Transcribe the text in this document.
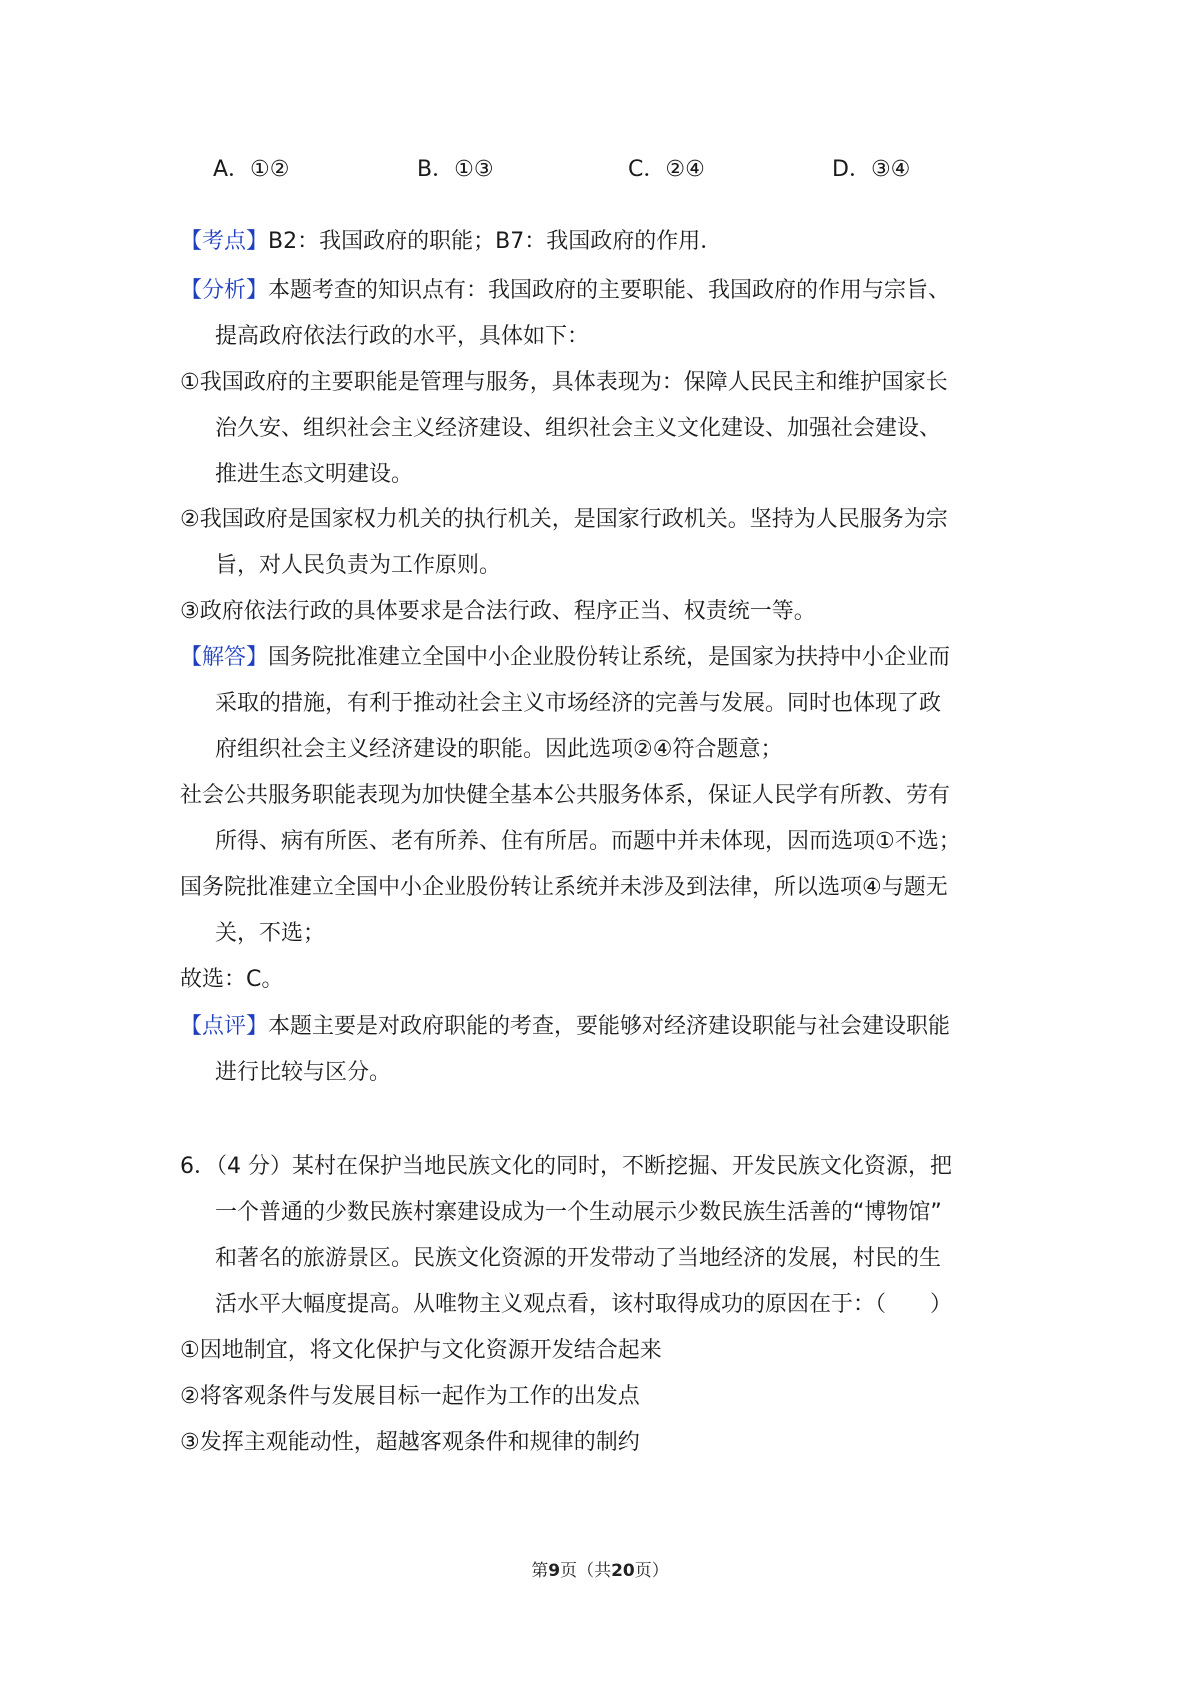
A．①②	B．①③	C．②④	D．③④
【考点】B2：我国政府的职能；B7：我国政府的作用．
【分析】本题考查的知识点有：我国政府的主要职能、我国政府的作用与宗旨、
提高政府依法行政的水平，具体如下：
①我国政府的主要职能是管理与服务，具体表现为：保障人民民主和维护国家长
治久安、组织社会主义经济建设、组织社会主义文化建设、加强社会建设、
推进生态文明建设。
②我国政府是国家权力机关的执行机关，是国家行政机关。坚持为人民服务为宗
旨，对人民负责为工作原则。
③政府依法行政的具体要求是合法行政、程序正当、权责统一等。
【解答】国务院批准建立全国中小企业股份转让系统，是国家为扶持中小企业而
采取的措施，有利于推动社会主义市场经济的完善与发展。同时也体现了政
府组织社会主义经济建设的职能。因此选项②④符合题意；
社会公共服务职能表现为加快健全基本公共服务体系，保证人民学有所教、劳有
所得、病有所医、老有所养、住有所居。而题中并未体现，因而选项①不选；
国务院批准建立全国中小企业股份转让系统并未涉及到法律，所以选项④与题无
关，不选；
故选：C。
【点评】本题主要是对政府职能的考查，要能够对经济建设职能与社会建设职能
进行比较与区分。
6．（4 分）某村在保护当地民族文化的同时，不断挖掘、开发民族文化资源，把
一个普通的少数民族村寨建设成为一个生动展示少数民族生活善的“博物馆”
和著名的旅游景区。民族文化资源的开发带动了当地经济的发展，村民的生
活水平大幅度提高。从唯物主义观点看，该村取得成功的原因在于：（　　）
①因地制宜，将文化保护与文化资源开发结合起来
②将客观条件与发展目标一起作为工作的出发点
③发挥主观能动性，超越客观条件和规律的制约
第9页（共20页）
